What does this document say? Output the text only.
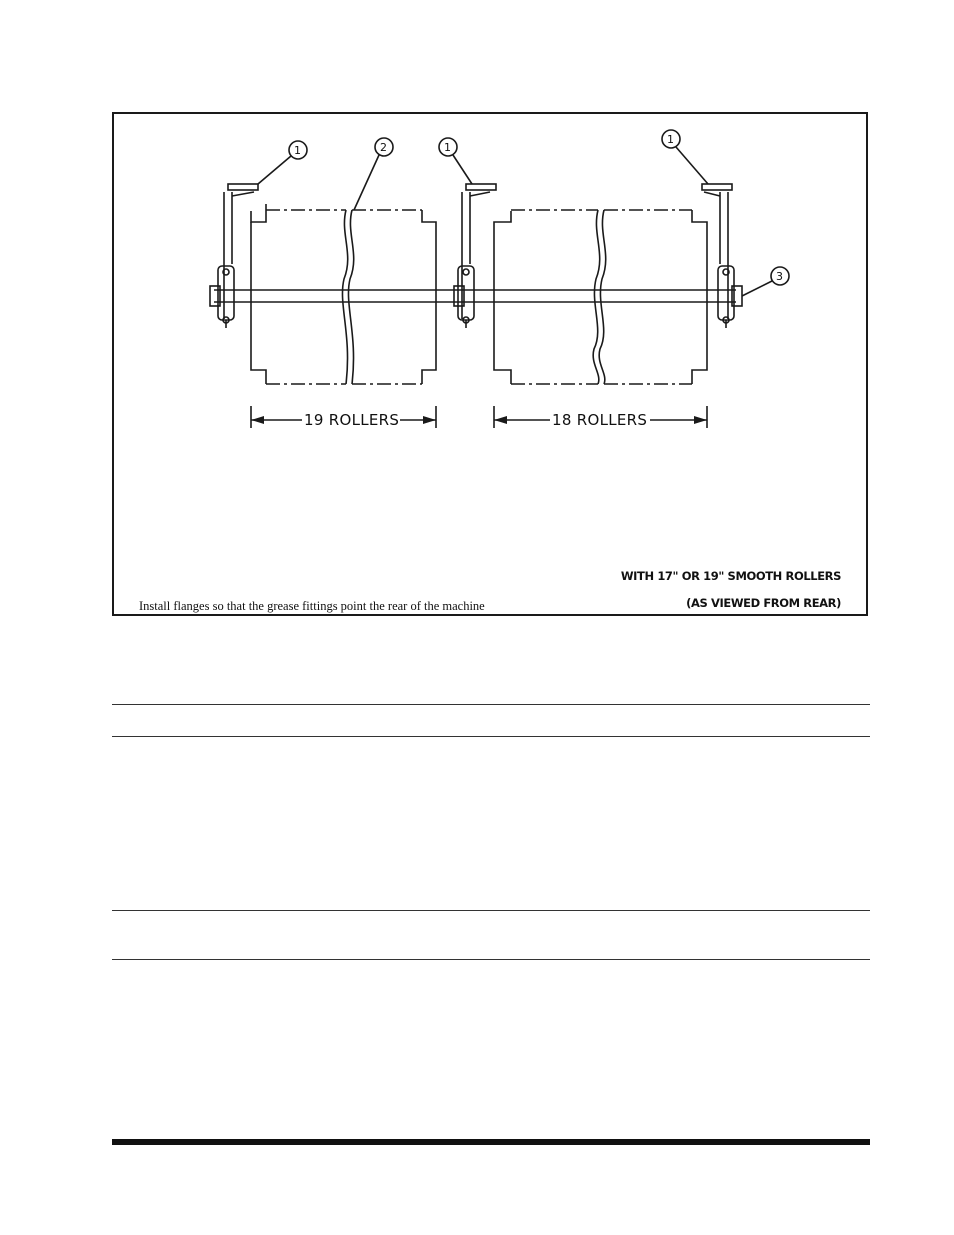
1	2	1
1
3
19 ROLLERS	18 ROLLERS
WITH 17" OR 19" SMOOTH ROLLERS
(AS VIEWED FROM REAR)
Install flanges so that the grease fittings point the rear of the machine
